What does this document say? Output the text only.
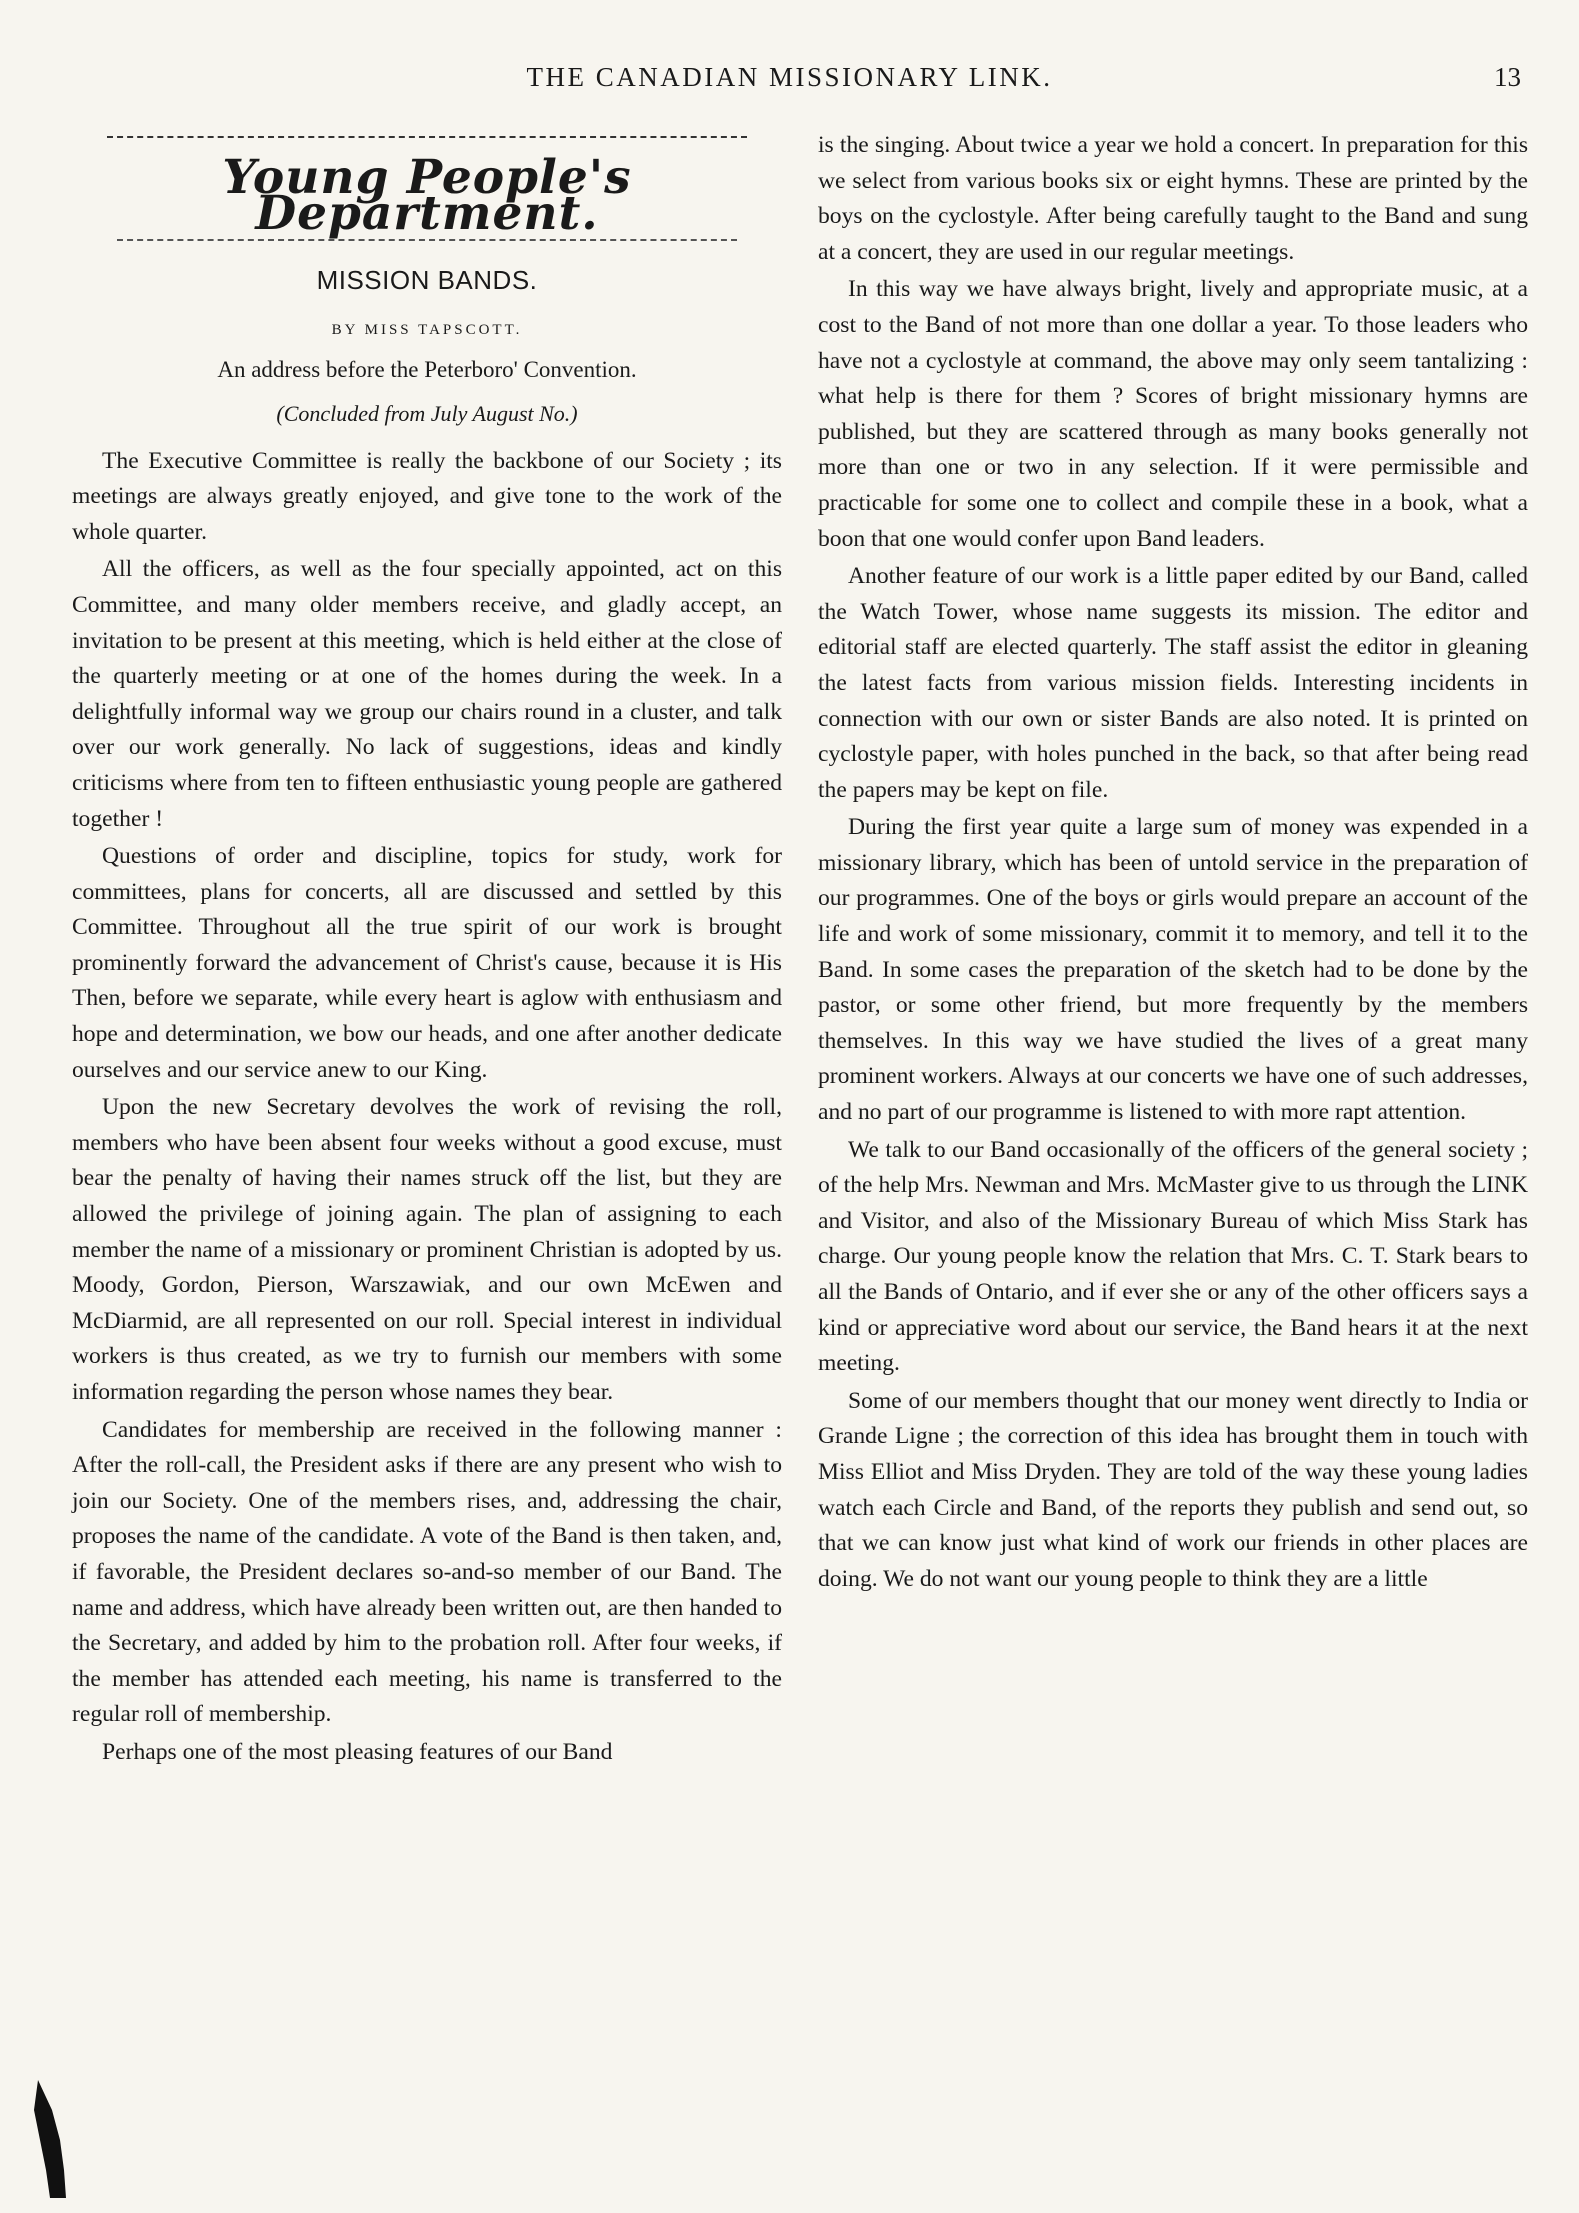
THE CANADIAN MISSIONARY LINK.	13
Young People's Department.
MISSION BANDS.
BY MISS TAPSCOTT.
An address before the Peterboro' Convention.
(Concluded from July August No.)

The Executive Committee is really the backbone of our Society ; its meetings are always greatly enjoyed, and give tone to the work of the whole quarter.

All the officers, as well as the four specially appointed, act on this Committee, and many older members receive, and gladly accept, an invitation to be present at this meeting, which is held either at the close of the quarterly meeting or at one of the homes during the week. In a delightfully informal way we group our chairs round in a cluster, and talk over our work generally. No lack of suggestions, ideas and kindly criticisms where from ten to fifteen enthusiastic young people are gathered together !

Questions of order and discipline, topics for study, work for committees, plans for concerts, all are discussed and settled by this Committee. Throughout all the true spirit of our work is brought prominently forward the advancement of Christ's cause, because it is His Then, before we separate, while every heart is aglow with enthusiasm and hope and determination, we bow our heads, and one after another dedicate ourselves and our service anew to our King.

Upon the new Secretary devolves the work of revising the roll, members who have been absent four weeks without a good excuse, must bear the penalty of having their names struck off the list, but they are allowed the privilege of joining again. The plan of assigning to each member the name of a missionary or prominent Christian is adopted by us. Moody, Gordon, Pierson, Warszawiak, and our own McEwen and McDiarmid, are all represented on our roll. Special interest in individual workers is thus created, as we try to furnish our members with some information regarding the person whose names they bear.

Candidates for membership are received in the following manner : After the roll-call, the President asks if there are any present who wish to join our Society. One of the members rises, and, addressing the chair, proposes the name of the candidate. A vote of the Band is then taken, and, if favorable, the President declares so-and-so member of our Band. The name and address, which have already been written out, are then handed to the Secretary, and added by him to the probation roll. After four weeks, if the member has attended each meeting, his name is transferred to the regular roll of membership.

Perhaps one of the most pleasing features of our Band

is the singing. About twice a year we hold a concert. In preparation for this we select from various books six or eight hymns. These are printed by the boys on the cyclostyle. After being carefully taught to the Band and sung at a concert, they are used in our regular meetings.

In this way we have always bright, lively and appropriate music, at a cost to the Band of not more than one dollar a year. To those leaders who have not a cyclostyle at command, the above may only seem tantalizing : what help is there for them ? Scores of bright missionary hymns are published, but they are scattered through as many books generally not more than one or two in any selection. If it were permissible and practicable for some one to collect and compile these in a book, what a boon that one would confer upon Band leaders.

Another feature of our work is a little paper edited by our Band, called the Watch Tower, whose name suggests its mission. The editor and editorial staff are elected quarterly. The staff assist the editor in gleaning the latest facts from various mission fields. Interesting incidents in connection with our own or sister Bands are also noted. It is printed on cyclostyle paper, with holes punched in the back, so that after being read the papers may be kept on file.

During the first year quite a large sum of money was expended in a missionary library, which has been of untold service in the preparation of our programmes. One of the boys or girls would prepare an account of the life and work of some missionary, commit it to memory, and tell it to the Band. In some cases the preparation of the sketch had to be done by the pastor, or some other friend, but more frequently by the members themselves. In this way we have studied the lives of a great many prominent workers. Always at our concerts we have one of such addresses, and no part of our programme is listened to with more rapt attention.

We talk to our Band occasionally of the officers of the general society ; of the help Mrs. Newman and Mrs. McMaster give to us through the LINK and Visitor, and also of the Missionary Bureau of which Miss Stark has charge. Our young people know the relation that Mrs. C. T. Stark bears to all the Bands of Ontario, and if ever she or any of the other officers says a kind or appreciative word about our service, the Band hears it at the next meeting.

Some of our members thought that our money went directly to India or Grande Ligne ; the correction of this idea has brought them in touch with Miss Elliot and Miss Dryden. They are told of the way these young ladies watch each Circle and Band, of the reports they publish and send out, so that we can know just what kind of work our friends in other places are doing. We do not want our young people to think they are a little
